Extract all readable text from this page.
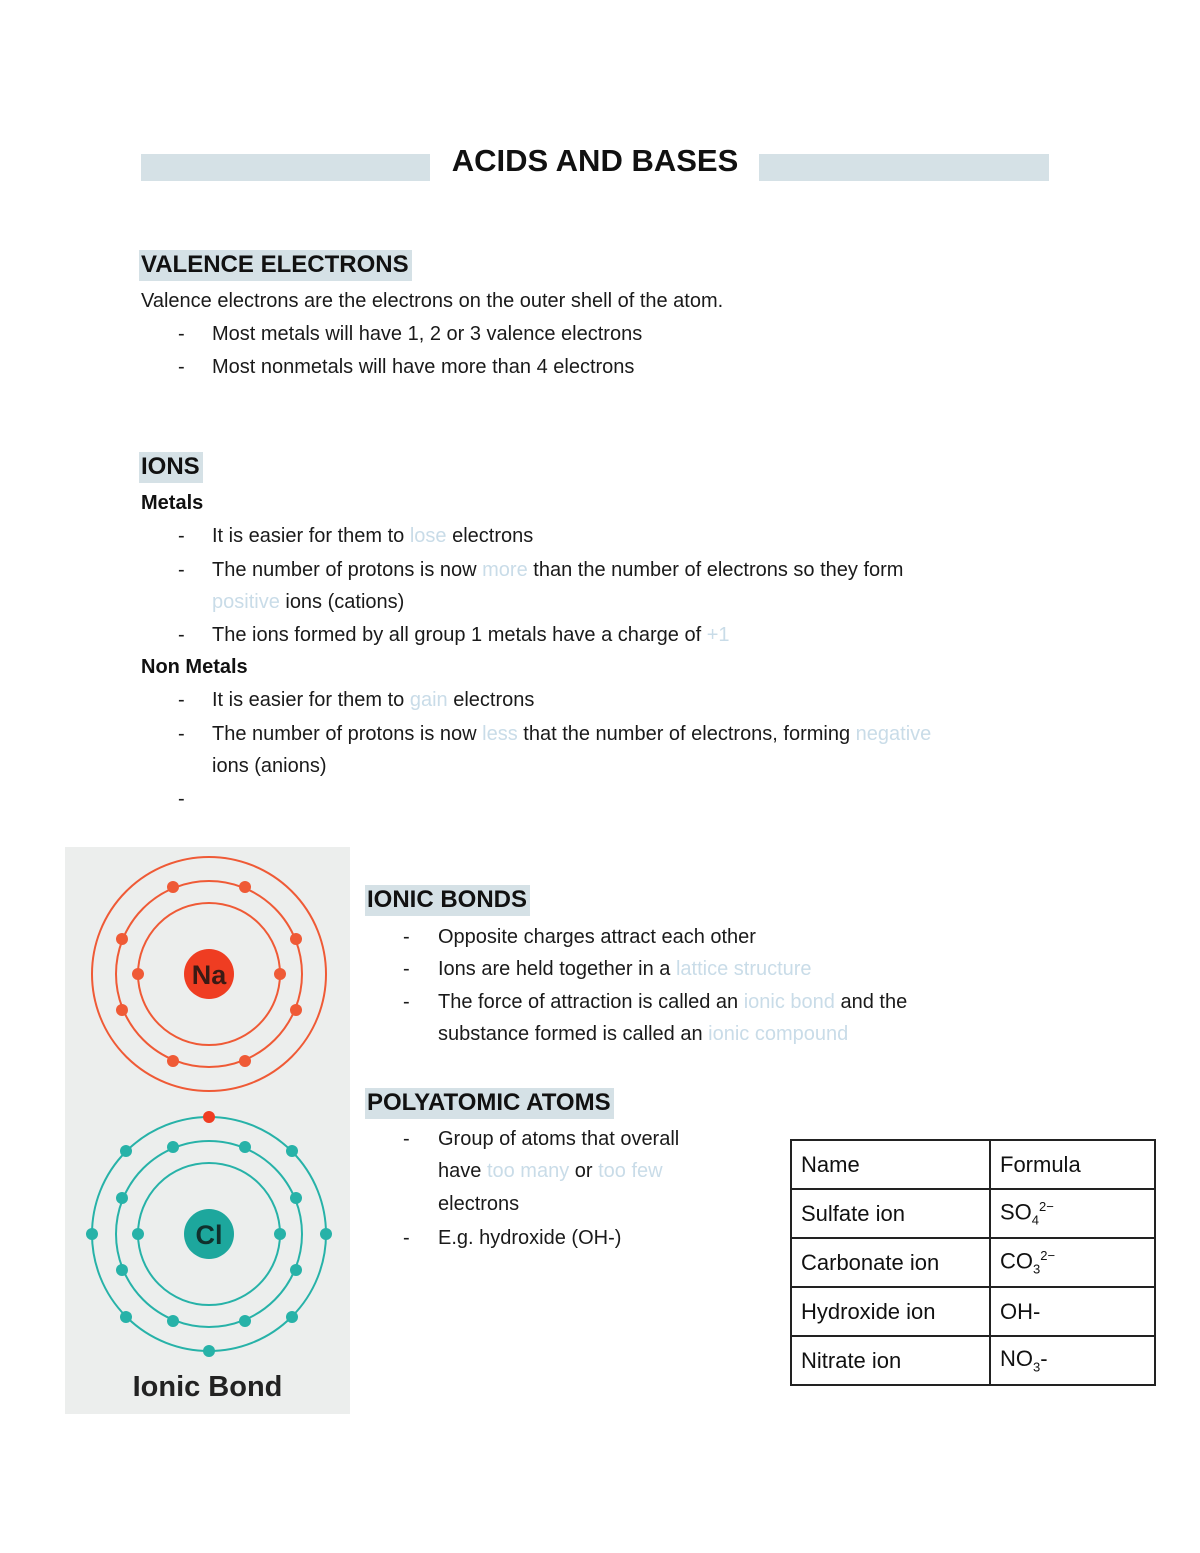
ACIDS AND BASES
VALENCE ELECTRONS
Valence electrons are the electrons on the outer shell of the atom.
- Most metals will have 1, 2 or 3 valence electrons
- Most nonmetals will have more than 4 electrons
IONS
Metals
- It is easier for them to lose electrons
- The number of protons is now more than the number of electrons so they form
positive ions (cations)
- The ions formed by all group 1 metals have a charge of +1
Non Metals
- It is easier for them to gain electrons
- The number of protons is now less that the number of electrons, forming negative
ions (anions)
-
Na
Cl
Ionic Bond
IONIC BONDS
- Opposite charges attract each other
- Ions are held together in a lattice structure
- The force of attraction is called an ionic bond and the
substance formed is called an ionic compound
POLYATOMIC ATOMS
- Group of atoms that overall
have too many or too few
electrons
- E.g. hydroxide (OH-)
Name	Formula
Sulfate ion	$SO_4^{2-}$
Carbonate ion	$CO_3^{2-}$
Hydroxide ion	OH-
Nitrate ion	$NO_3-$
